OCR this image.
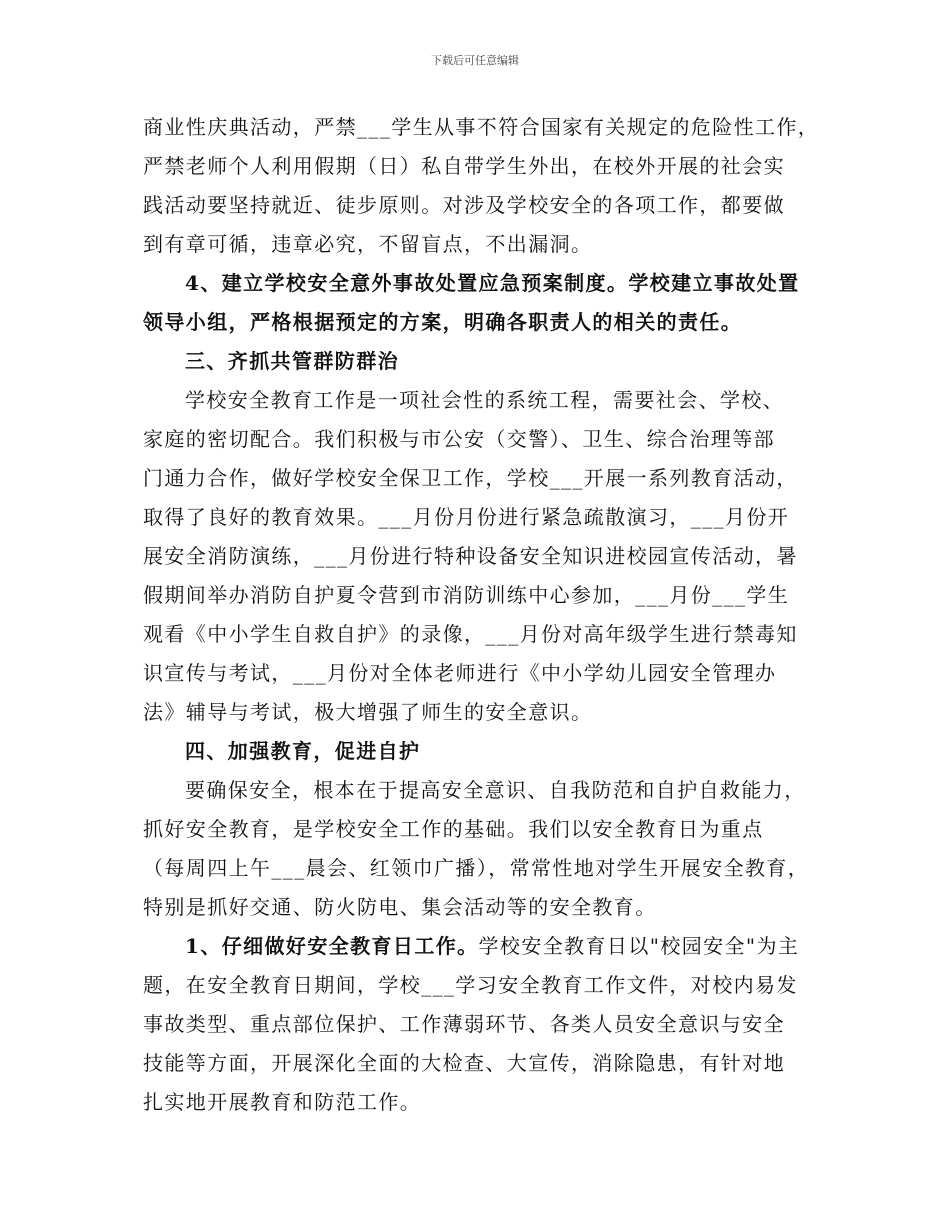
下载后可任意编辑
商业性庆典活动，严禁___学生从事不符合国家有关规定的危险性工作，
严禁老师个人利用假期（日）私自带学生外出，在校外开展的社会实
践活动要坚持就近、徒步原则。对涉及学校安全的各项工作，都要做
到有章可循，违章必究，不留盲点，不出漏洞。
4、建立学校安全意外事故处置应急预案制度。学校建立事故处置
领导小组，严格根据预定的方案，明确各职责人的相关的责任。
三、齐抓共管群防群治
学校安全教育工作是一项社会性的系统工程，需要社会、学校、
家庭的密切配合。我们积极与市公安（交警）、卫生、综合治理等部
门通力合作，做好学校安全保卫工作，学校___开展一系列教育活动，
取得了良好的教育效果。___月份月份进行紧急疏散演习，___月份开
展安全消防演练，___月份进行特种设备安全知识进校园宣传活动，暑
假期间举办消防自护夏令营到市消防训练中心参加，___月份___学生
观看《中小学生自救自护》的录像，___月份对高年级学生进行禁毒知
识宣传与考试，___月份对全体老师进行《中小学幼儿园安全管理办
法》辅导与考试，极大增强了师生的安全意识。
四、加强教育，促进自护
要确保安全，根本在于提高安全意识、自我防范和自护自救能力，
抓好安全教育，是学校安全工作的基础。我们以安全教育日为重点
（每周四上午___晨会、红领巾广播），常常性地对学生开展安全教育，
特别是抓好交通、防火防电、集会活动等的安全教育。
1、仔细做好安全教育日工作。学校安全教育日以"校园安全"为主
题，在安全教育日期间，学校___学习安全教育工作文件，对校内易发
事故类型、重点部位保护、工作薄弱环节、各类人员安全意识与安全
技能等方面，开展深化全面的大检查、大宣传，消除隐患，有针对地
扎实地开展教育和防范工作。
